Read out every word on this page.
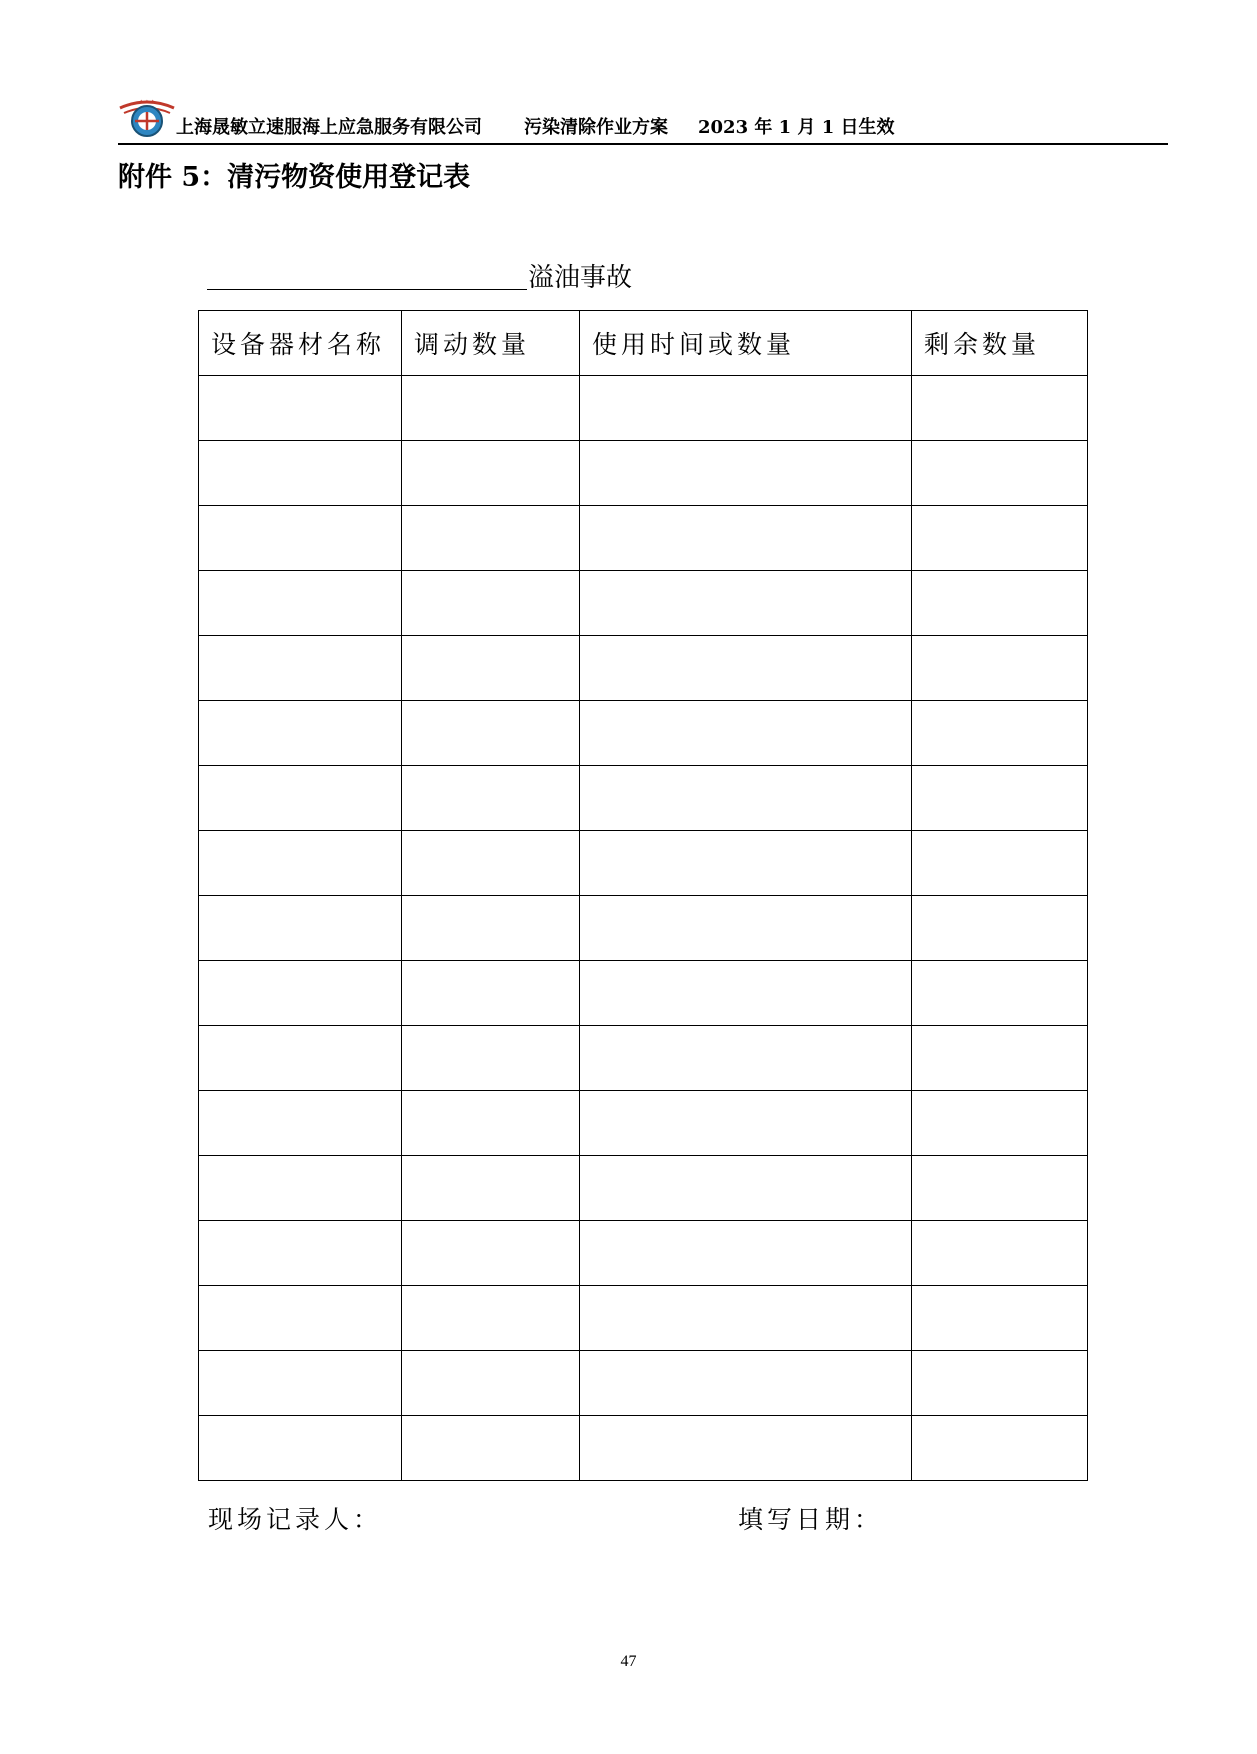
✦ ✦ ✦
上海晟敏立速服海上应急服务有限公司 污染清除作业方案 2023 年 1 月 1 日生效
附件 5：清污物资使用登记表
溢油事故
设备器材名称	调动数量	使用时间或数量	剩余数量

现场记录人：	填写日期：
47
